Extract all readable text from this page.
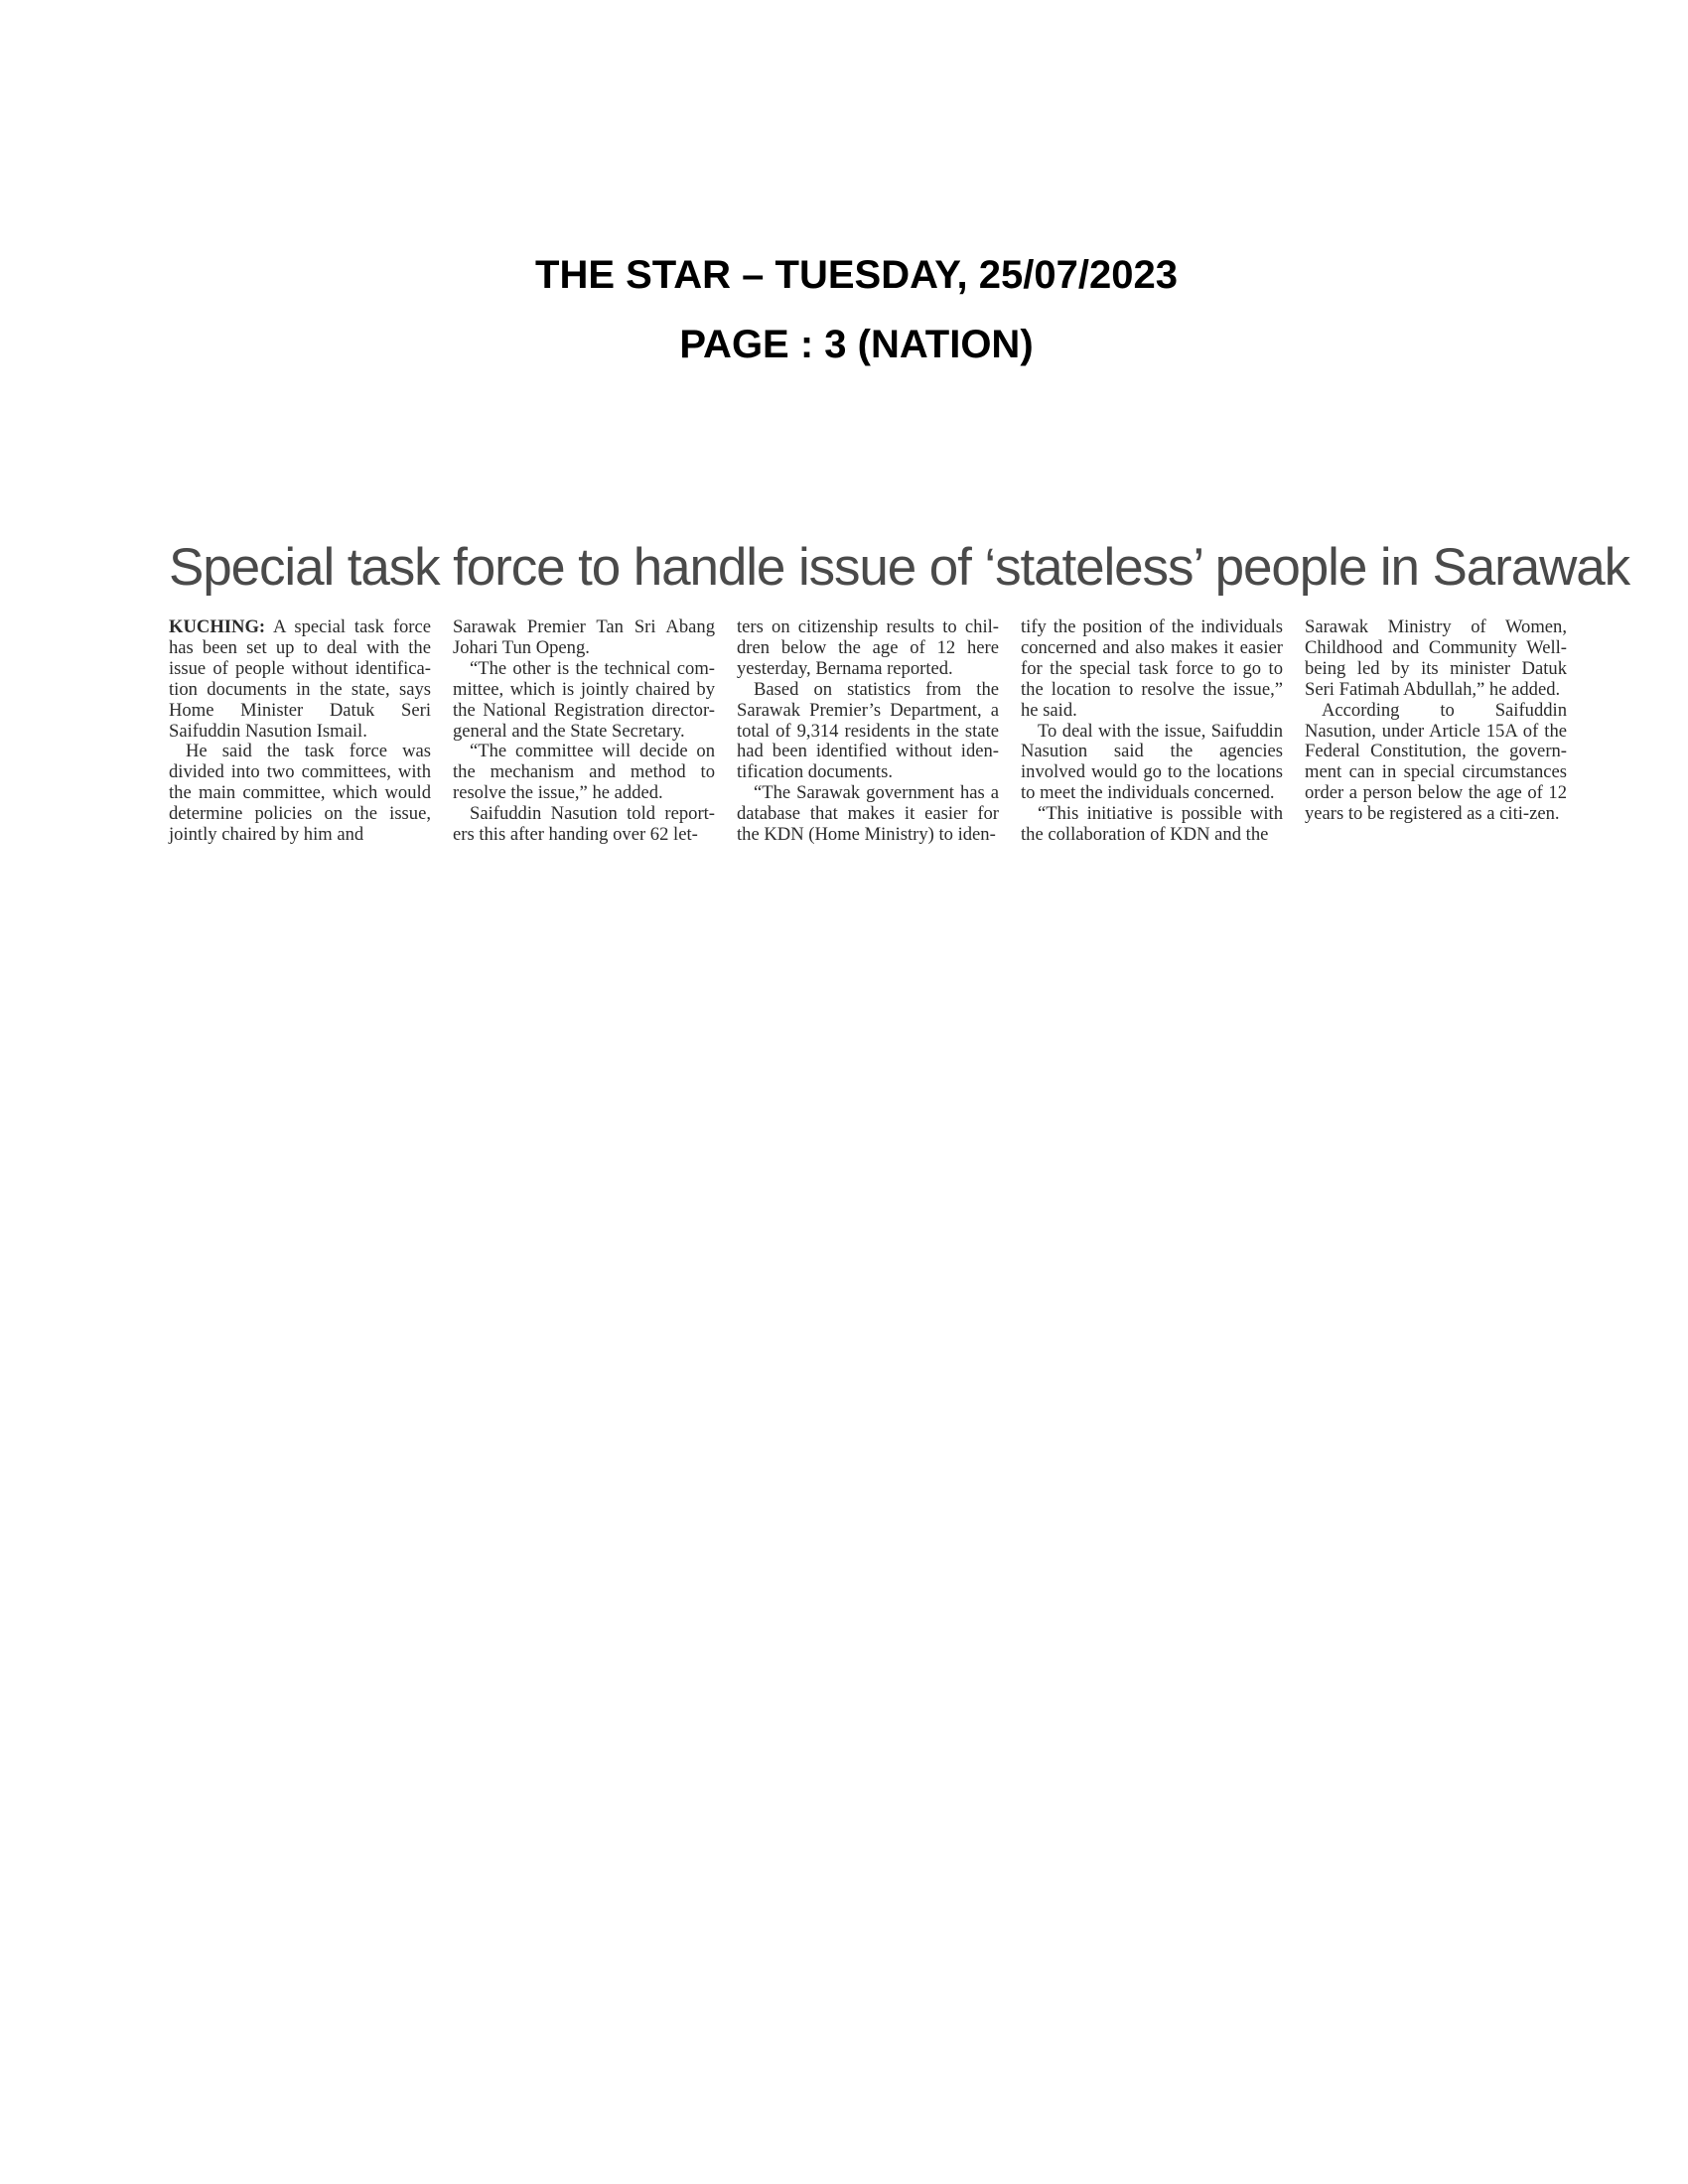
THE STAR – TUESDAY, 25/07/2023
PAGE : 3 (NATION)
Special task force to handle issue of ‘stateless’ people in Sarawak

KUCHING: A special task force has been set up to deal with the issue of people without identifica-tion documents in the state, says Home Minister Datuk Seri Saifuddin Nasution Ismail.

He said the task force was divided into two committees, with the main committee, which would determine policies on the issue, jointly chaired by him and

Sarawak Premier Tan Sri Abang Johari Tun Openg.

“The other is the technical com-mittee, which is jointly chaired by the National Registration director-general and the State Secretary.

“The committee will decide on the mechanism and method to resolve the issue,” he added.

Saifuddin Nasution told report-ers this after handing over 62 let-

ters on citizenship results to chil-dren below the age of 12 here yesterday, Bernama reported.

Based on statistics from the Sarawak Premier’s Department, a total of 9,314 residents in the state had been identified without iden-tification documents.

“The Sarawak government has a database that makes it easier for the KDN (Home Ministry) to iden-

tify the position of the individuals concerned and also makes it easier for the special task force to go to the location to resolve the issue,” he said.

To deal with the issue, Saifuddin Nasution said the agencies involved would go to the locations to meet the individuals concerned.

“This initiative is possible with the collaboration of KDN and the

Sarawak Ministry of Women, Childhood and Community Well-being led by its minister Datuk Seri Fatimah Abdullah,” he added.

According to Saifuddin Nasution, under Article 15A of the Federal Constitution, the govern-ment can in special circumstances order a person below the age of 12 years to be registered as a citi-zen.
